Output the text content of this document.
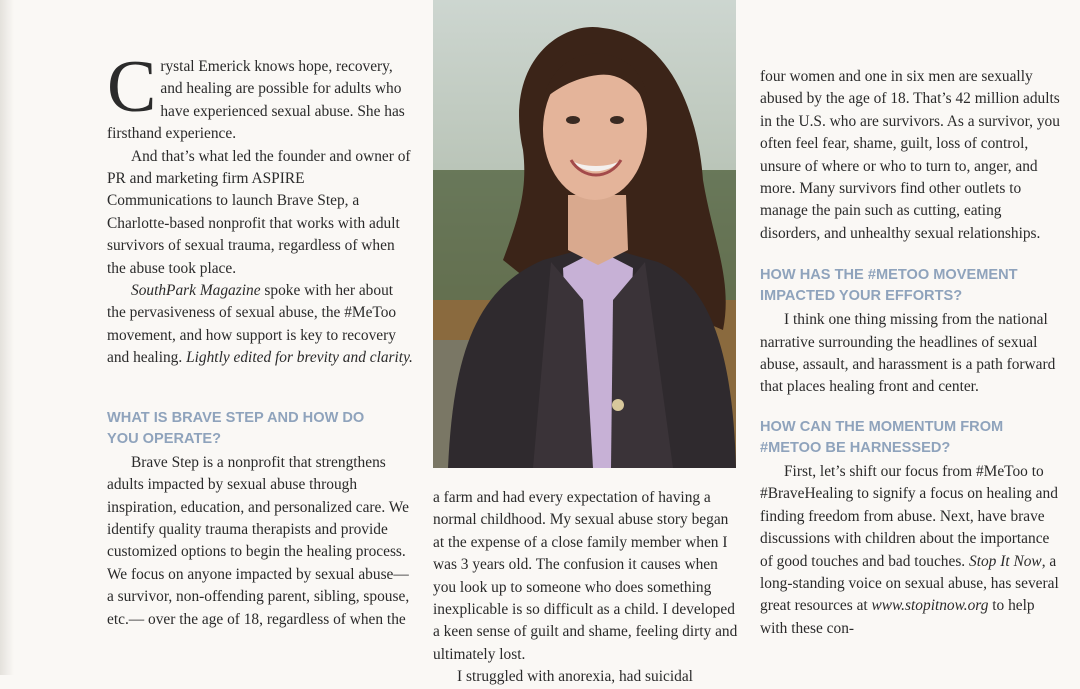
Crystal Emerick knows hope, recovery, and healing are possible for adults who have experienced sexual abuse. She has firsthand experience.

And that’s what led the founder and owner of PR and marketing firm ASPIRE Communications to launch Brave Step, a Charlotte-based nonprofit that works with adult survivors of sexual trauma, regardless of when the abuse took place.

SouthPark Magazine spoke with her about the pervasiveness of sexual abuse, the #MeToo movement, and how support is key to recovery and healing. Lightly edited for brevity and clarity.

WHAT IS BRAVE STEP AND HOW DO YOU OPERATE?

Brave Step is a nonprofit that strengthens adults impacted by sexual abuse through inspiration, education, and personalized care. We identify quality trauma therapists and provide customized options to begin the healing process. We focus on anyone impacted by sexual abuse—a survivor, non-offending parent, sibling, spouse, etc.— over the age of 18, regardless of when the

a farm and had every expectation of having a normal childhood. My sexual abuse story began at the expense of a close family member when I was 3 years old. The confusion it causes when you look up to someone who does something inexplicable is so difficult as a child. I developed a keen sense of guilt and shame, feeling dirty and ultimately lost.

I struggled with anorexia, had suicidal

four women and one in six men are sexually abused by the age of 18. That’s 42 million adults in the U.S. who are survivors. As a survivor, you often feel fear, shame, guilt, loss of control, unsure of where or who to turn to, anger, and more. Many survivors find other outlets to manage the pain such as cutting, eating disorders, and unhealthy sexual relationships.

HOW HAS THE #METOO MOVEMENT IMPACTED YOUR EFFORTS?

I think one thing missing from the national narrative surrounding the headlines of sexual abuse, assault, and harassment is a path forward that places healing front and center.

HOW CAN THE MOMENTUM FROM #METOO BE HARNESSED?

First, let’s shift our focus from #MeToo to #BraveHealing to signify a focus on healing and finding freedom from abuse. Next, have brave discussions with children about the importance of good touches and bad touches. Stop It Now, a long-standing voice on sexual abuse, has several great resources at www.stopitnow.org to help with these con-
